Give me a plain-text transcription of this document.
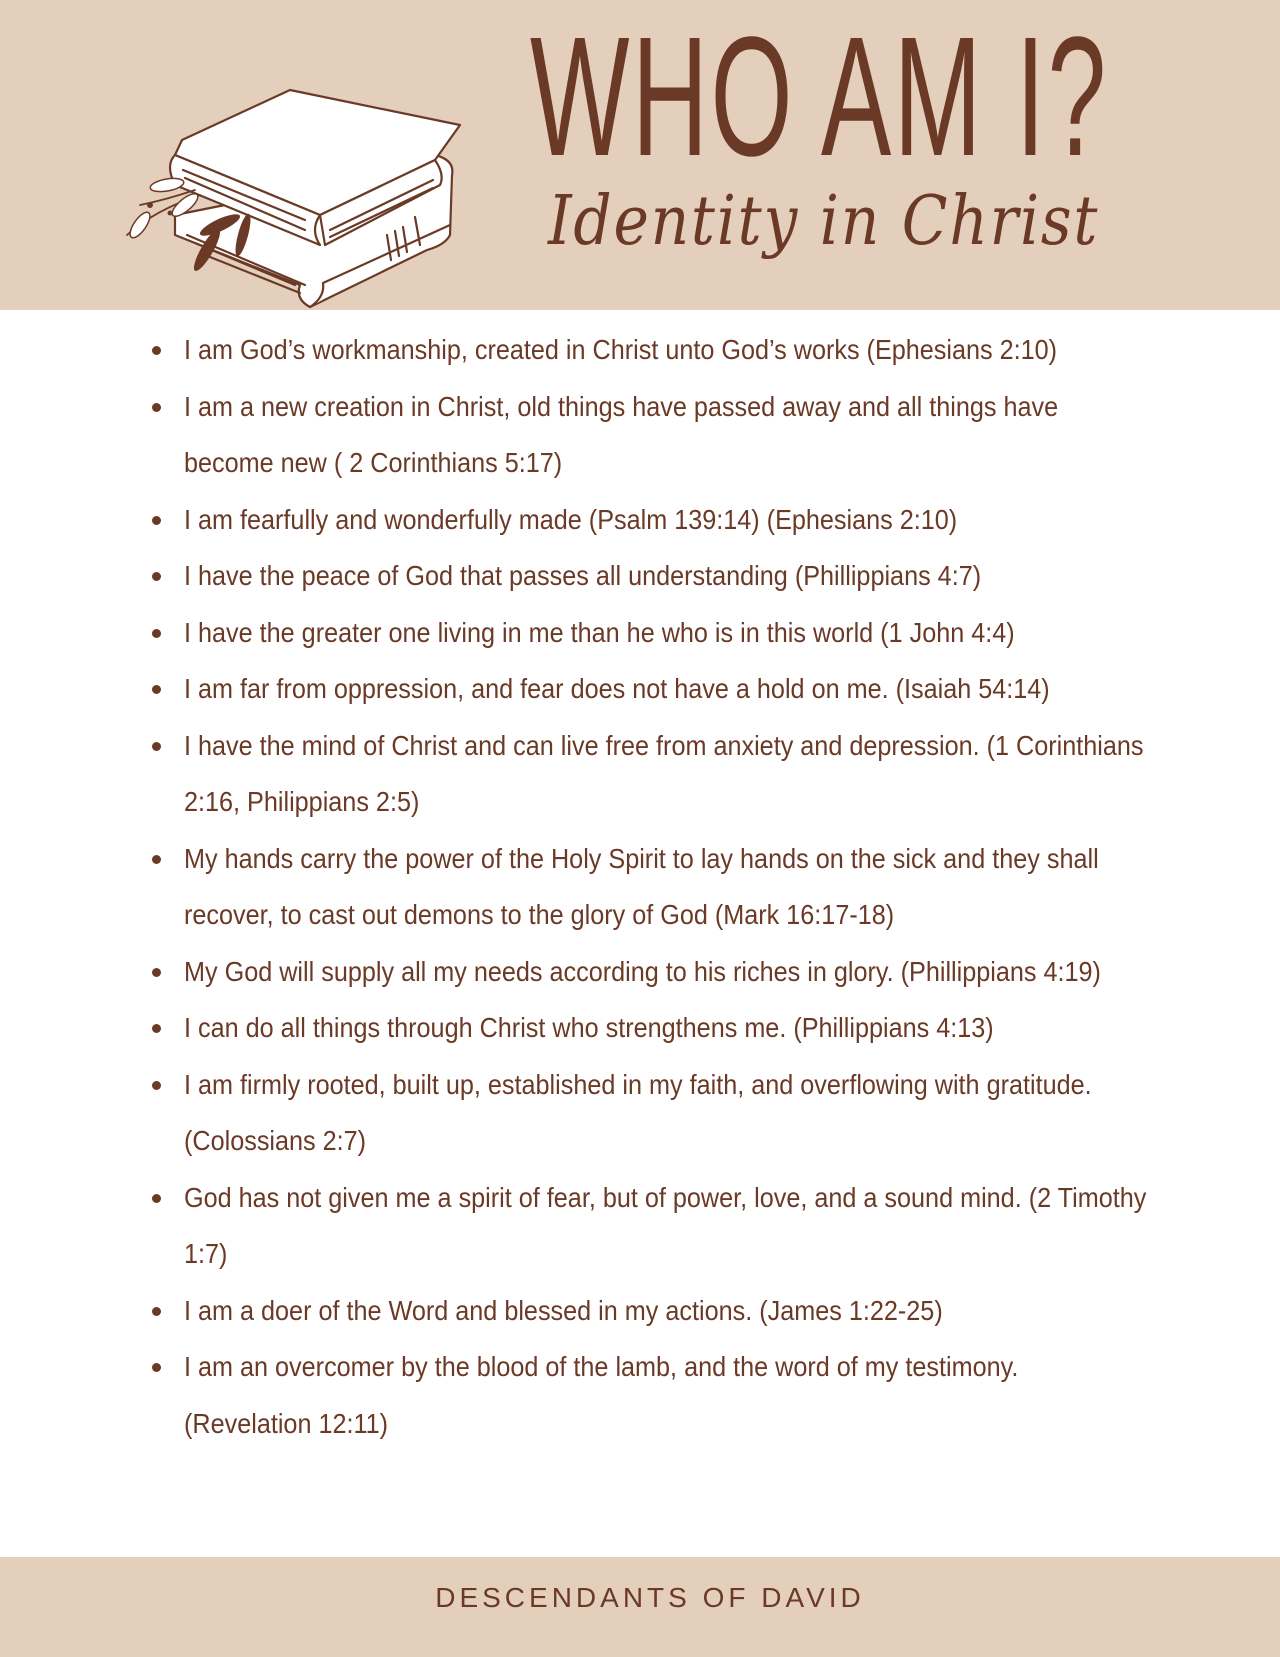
WHO AM I?
Identity in Christ
I am God’s workmanship, created in Christ unto God’s works (Ephesians 2:10)
I am a new creation in Christ, old things have passed away and all things have become new ( 2 Corinthians 5:17)
I am fearfully and wonderfully made (Psalm 139:14) (Ephesians 2:10)
I have the peace of God that passes all understanding (Phillippians 4:7)
I have the greater one living in me than he who is in this world (1 John 4:4)
I am far from oppression, and fear does not have a hold on me. (Isaiah 54:14)
I have the mind of Christ and can live free from anxiety and depression. (1 Corinthians 2:16, Philippians 2:5)
My hands carry the power of the Holy Spirit to lay hands on the sick and they shall recover, to cast out demons to the glory of God (Mark 16:17-18)
My God will supply all my needs according to his riches in glory. (Phillippians 4:19)
I can do all things through Christ who strengthens me. (Phillippians 4:13)
I am firmly rooted, built up, established in my faith, and overflowing with gratitude. (Colossians 2:7)
God has not given me a spirit of fear, but of power, love, and a sound mind. (2 Timothy 1:7)
I am a doer of the Word and blessed in my actions. (James 1:22-25)
I am an overcomer by the blood of the lamb, and the word of my testimony. (Revelation 12:11)
DESCENDANTS OF DAVID
